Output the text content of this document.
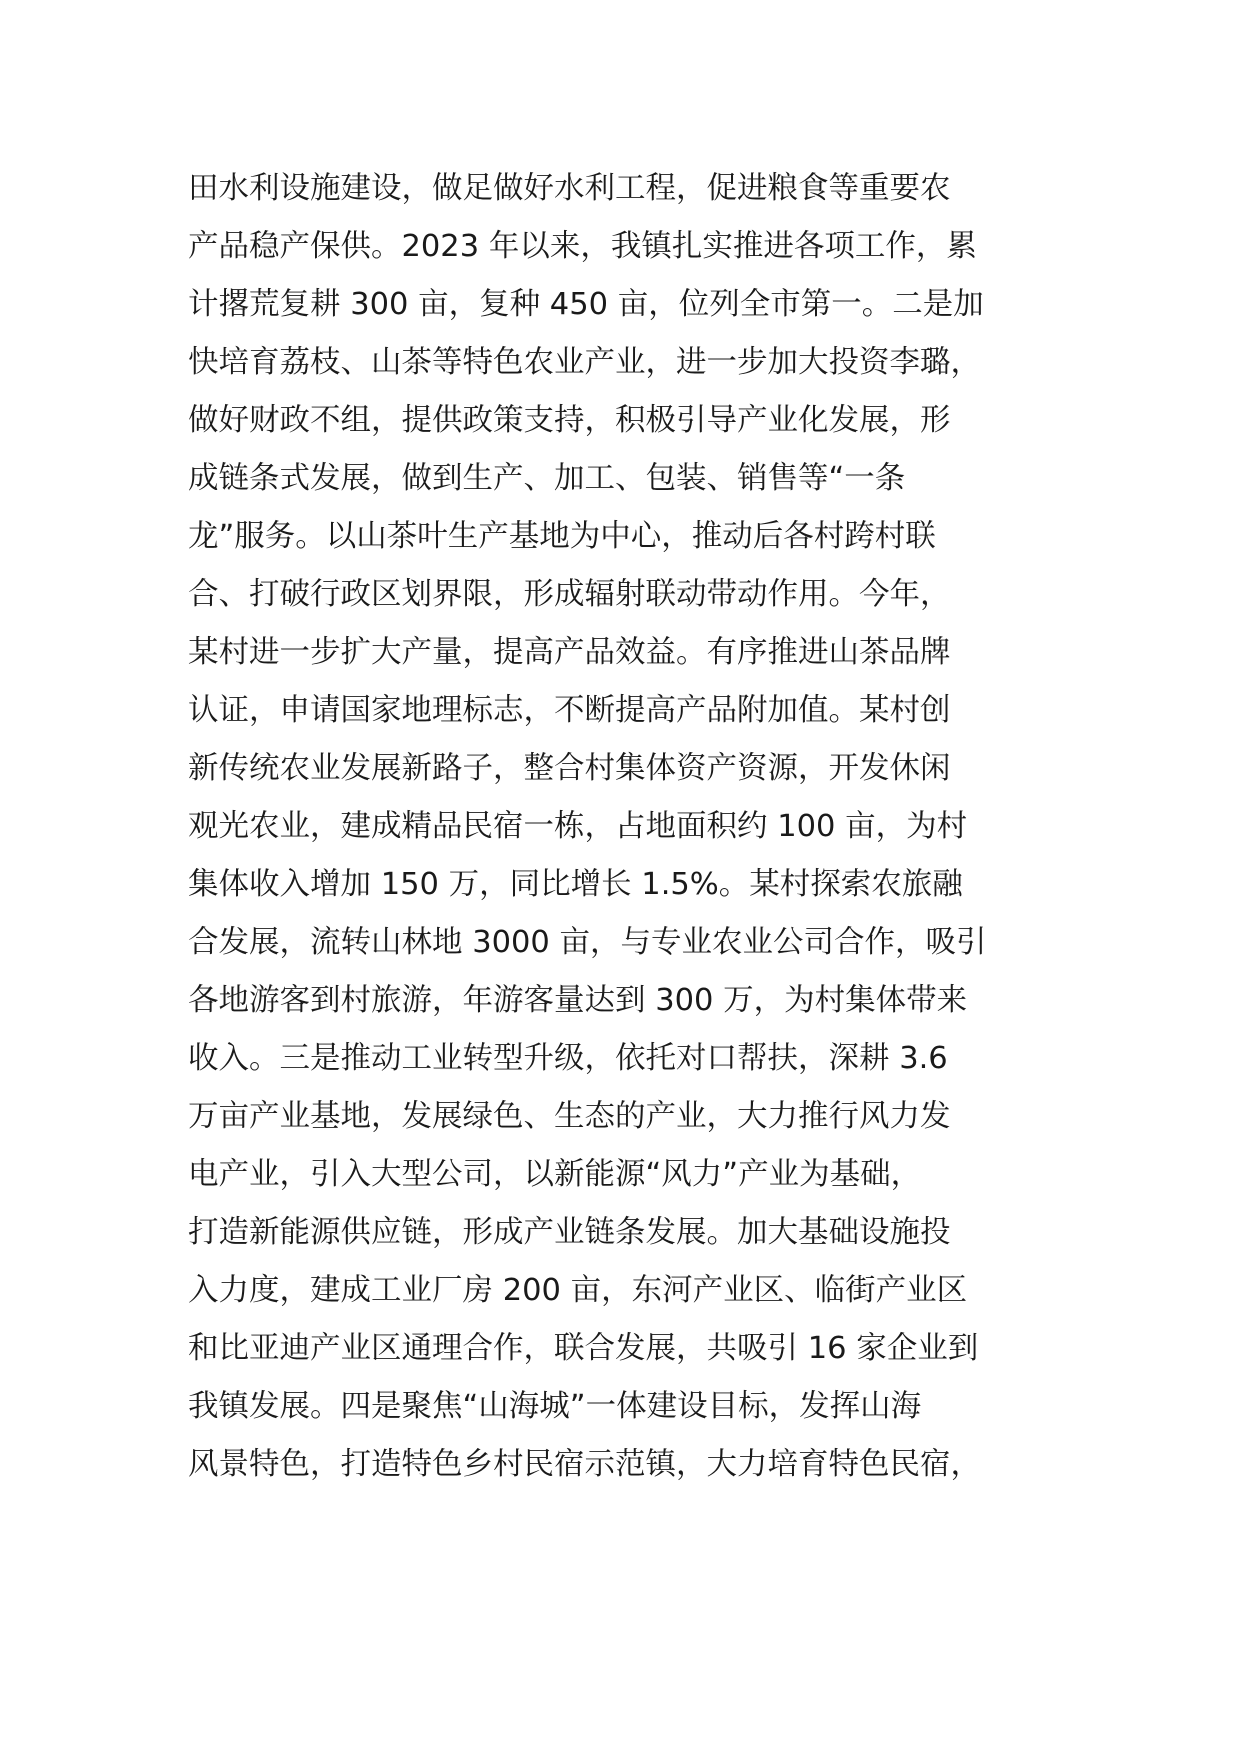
田水利设施建设，做足做好水利工程，促进粮食等重要农
产品稳产保供。2023 年以来，我镇扎实推进各项工作，累
计撂荒复耕 300 亩，复种 450 亩，位列全市第一。二是加
快培育荔枝、山茶等特色农业产业，进一步加大投资李璐，
做好财政不组，提供政策支持，积极引导产业化发展，形
成链条式发展，做到生产、加工、包装、销售等“一条
龙”服务。以山茶叶生产基地为中心，推动后各村跨村联
合、打破行政区划界限，形成辐射联动带动作用。今年，
某村进一步扩大产量，提高产品效益。有序推进山茶品牌
认证，申请国家地理标志，不断提高产品附加值。某村创
新传统农业发展新路子，整合村集体资产资源，开发休闲
观光农业，建成精品民宿一栋，占地面积约 100 亩，为村
集体收入增加 150 万，同比增长 1.5%。某村探索农旅融
合发展，流转山林地 3000 亩，与专业农业公司合作，吸引
各地游客到村旅游，年游客量达到 300 万，为村集体带来
收入。三是推动工业转型升级，依托对口帮扶，深耕 3.6
万亩产业基地，发展绿色、生态的产业，大力推行风力发
电产业，引入大型公司，以新能源“风力”产业为基础，
打造新能源供应链，形成产业链条发展。加大基础设施投
入力度，建成工业厂房 200 亩，东河产业区、临街产业区
和比亚迪产业区通理合作，联合发展，共吸引 16 家企业到
我镇发展。四是聚焦“山海城”一体建设目标，发挥山海
风景特色，打造特色乡村民宿示范镇，大力培育特色民宿，
